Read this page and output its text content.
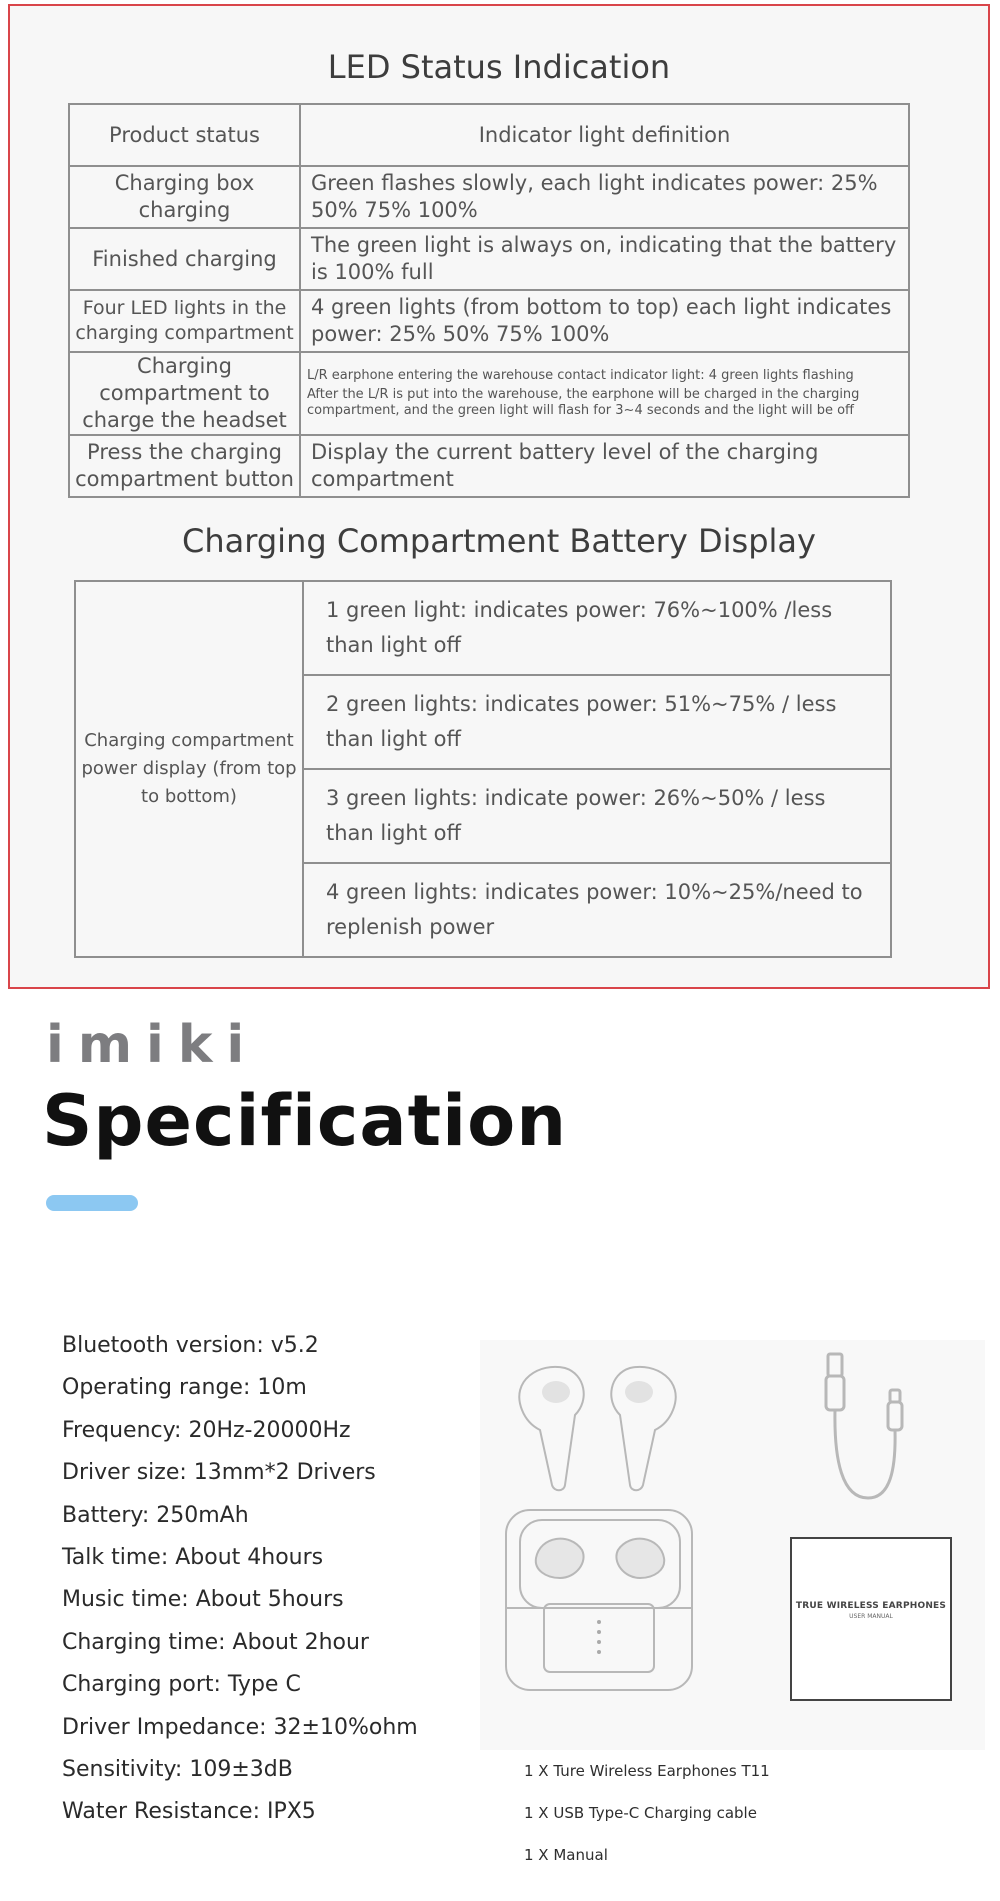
LED Status Indication
Product status	Indicator light definition
Charging box charging	Green flashes slowly, each light indicates power: 25% 50% 75% 100%
Finished charging	The green light is always on, indicating that the battery is 100% full
Four LED lights in the charging compartment	4 green lights (from bottom to top) each light indicates power: 25% 50% 75% 100%
Charging compartment to charge the headset	L/R earphone entering the warehouse contact indicator light: 4 green lights flashing
After the L/R is put into the warehouse, the earphone will be charged in the charging compartment, and the green light will flash for 3~4 seconds and the light will be off

Press the charging compartment button	Display the current battery level of the charging compartment
Charging Compartment Battery Display
Charging compartment power display (from top to bottom)	1 green light: indicates power: 76%~100% /less than light off
2 green lights: indicates power: 51%~75% / less than light off
3 green lights: indicate power: 26%~50% / less than light off
4 green lights: indicates power: 10%~25%/need to replenish power
imiki
Specification
Bluetooth version: v5.2
Operating range: 10m
Frequency: 20Hz-20000Hz
Driver size: 13mm*2 Drivers
Battery: 250mAh
Talk time: About 4hours
Music time: About 5hours
Charging time: About 2hour
Charging port: Type C
Driver Impedance: 32±10%ohm
Sensitivity: 109±3dB
Water Resistance: IPX5
TRUE WIRELESS EARPHONES
USER MANUAL
1 X Ture Wireless Earphones T11
1 X USB Type-C Charging cable
1 X Manual
